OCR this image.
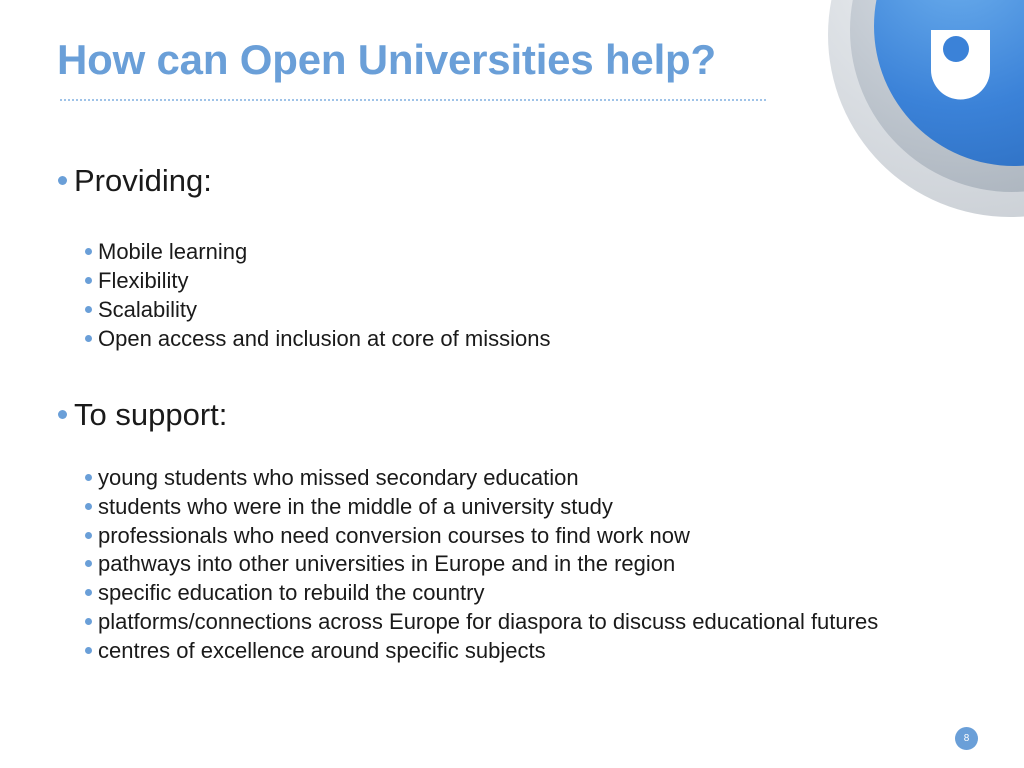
How can Open Universities help?
Providing:
Mobile learning
Flexibility
Scalability
Open access and inclusion at core of missions
To support:
young students who missed secondary education
students who were in the middle of a university study
professionals who need conversion courses to find work now
pathways into other universities in Europe and in the region
specific education to rebuild the country
platforms/connections across Europe for diaspora to discuss educational futures
centres of excellence around specific subjects
8
